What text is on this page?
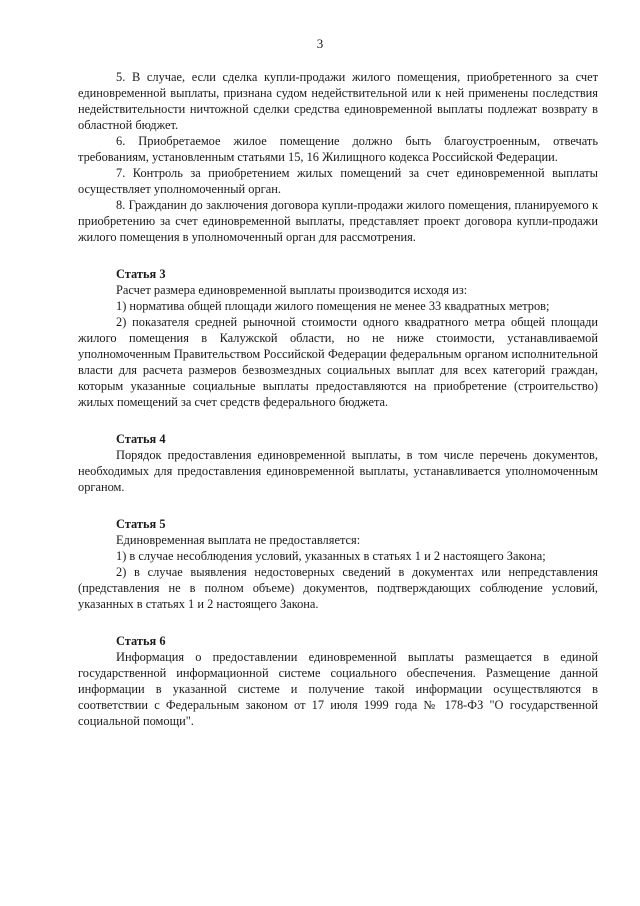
3

5. В случае, если сделка купли-продажи жилого помещения, приобретенного за счет единовременной выплаты, признана судом недействительной или к ней применены последствия недействительности ничтожной сделки средства единовременной выплаты подлежат возврату в областной бюджет.

6. Приобретаемое жилое помещение должно быть благоустроенным, отвечать требованиям, установленным статьями 15, 16 Жилищного кодекса Российской Федерации.

7. Контроль за приобретением жилых помещений за счет единовременной выплаты осуществляет уполномоченный орган.

8. Гражданин до заключения договора купли-продажи жилого помещения, планируемого к приобретению за счет единовременной выплаты, представляет проект договора купли-продажи жилого помещения в уполномоченный орган для рассмотрения.

Статья 3

Расчет размера единовременной выплаты производится исходя из:

1) норматива общей площади жилого помещения не менее 33 квадратных метров;

2) показателя средней рыночной стоимости одного квадратного метра общей площади жилого помещения в Калужской области, но не ниже стоимости, устанавливаемой уполномоченным Правительством Российской Федерации федеральным органом исполнительной власти для расчета размеров безвозмездных социальных выплат для всех категорий граждан, которым указанные социальные выплаты предоставляются на приобретение (строительство) жилых помещений за счет средств федерального бюджета.

Статья 4

Порядок предоставления единовременной выплаты, в том числе перечень документов, необходимых для предоставления единовременной выплаты, устанавливается уполномоченным органом.

Статья 5

Единовременная выплата не предоставляется:

1) в случае несоблюдения условий, указанных в статьях 1 и 2 настоящего Закона;

2) в случае выявления недостоверных сведений в документах или непредставления (представления не в полном объеме) документов, подтверждающих соблюдение условий, указанных в статьях 1 и 2 настоящего Закона.

Статья 6

Информация о предоставлении единовременной выплаты размещается в единой государственной информационной системе социального обеспечения. Размещение данной информации в указанной системе и получение такой информации осуществляются в соответствии с Федеральным законом от 17 июля 1999 года № 178-ФЗ "О государственной социальной помощи".
